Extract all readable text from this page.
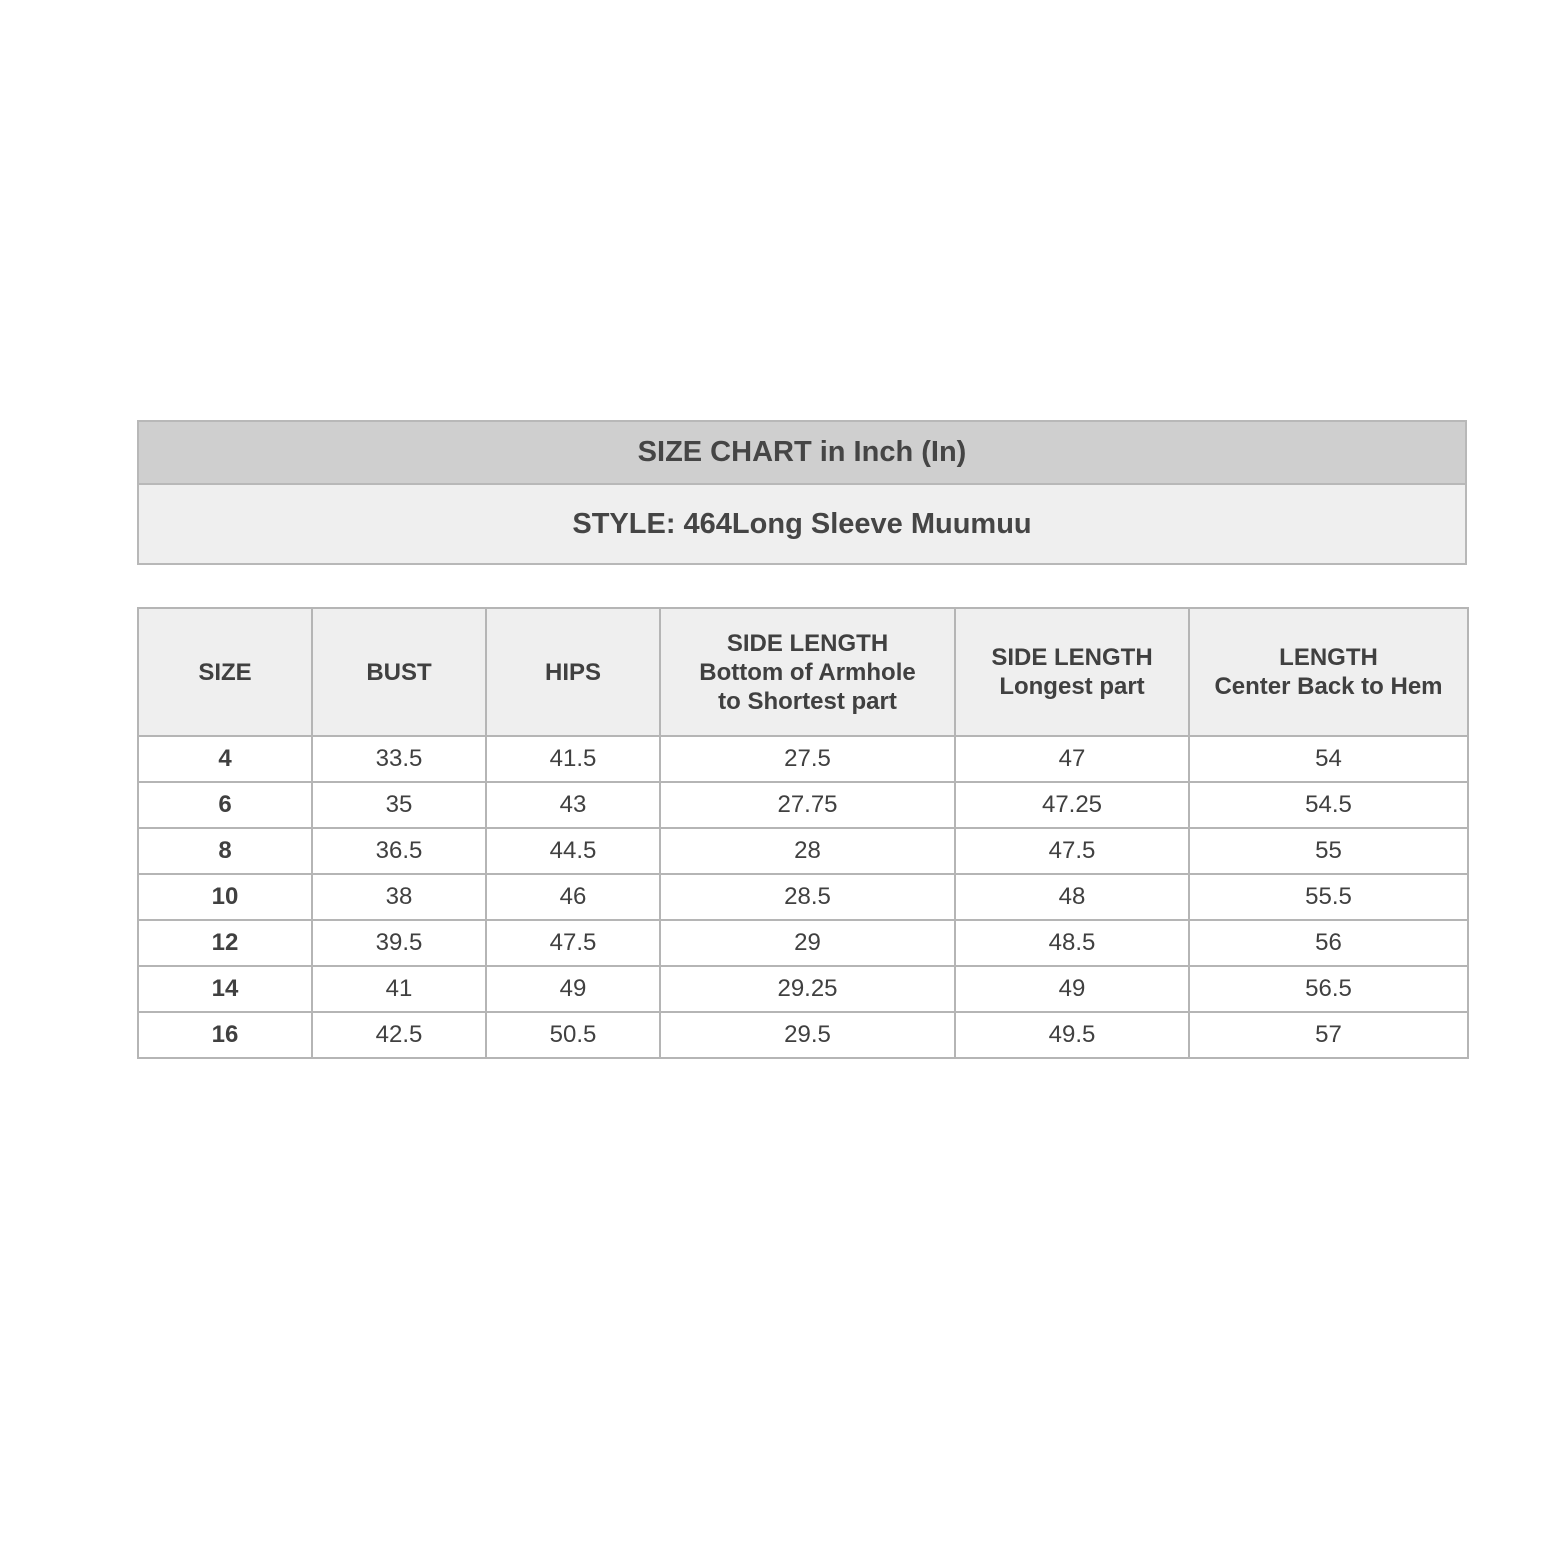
SIZE CHART in Inch (In)
STYLE: 464Long Sleeve Muumuu
SIZE	BUST	HIPS	SIDE LENGTH
Bottom of Armhole
to Shortest part	SIDE LENGTH
Longest part	LENGTH
Center Back to Hem
4	33.5	41.5	27.5	47	54
6	35	43	27.75	47.25	54.5
8	36.5	44.5	28	47.5	55
10	38	46	28.5	48	55.5
12	39.5	47.5	29	48.5	56
14	41	49	29.25	49	56.5
16	42.5	50.5	29.5	49.5	57
